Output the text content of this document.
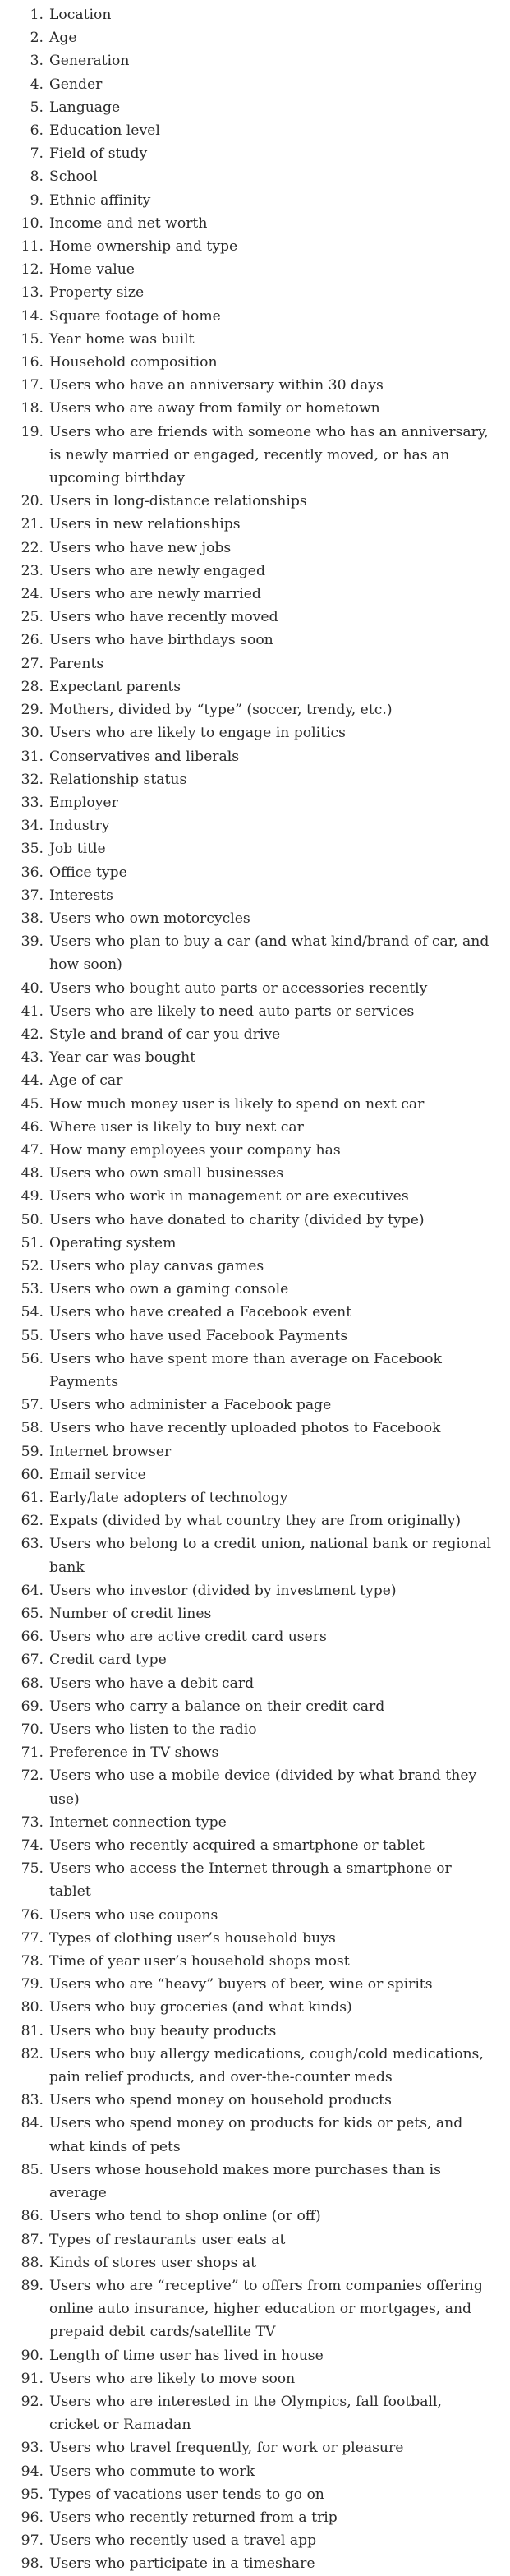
1. Location
2. Age
3. Generation
4. Gender
5. Language
6. Education level
7. Field of study
8. School
9. Ethnic affinity
10. Income and net worth
11. Home ownership and type
12. Home value
13. Property size
14. Square footage of home
15. Year home was built
16. Household composition
17. Users who have an anniversary within 30 days
18. Users who are away from family or hometown
19. Users who are friends with someone who has an anniversary, is newly married or engaged, recently moved, or has an upcoming birthday
20. Users in long-distance relationships
21. Users in new relationships
22. Users who have new jobs
23. Users who are newly engaged
24. Users who are newly married
25. Users who have recently moved
26. Users who have birthdays soon
27. Parents
28. Expectant parents
29. Mothers, divided by “type” (soccer, trendy, etc.)
30. Users who are likely to engage in politics
31. Conservatives and liberals
32. Relationship status
33. Employer
34. Industry
35. Job title
36. Office type
37. Interests
38. Users who own motorcycles
39. Users who plan to buy a car (and what kind/brand of car, and how soon)
40. Users who bought auto parts or accessories recently
41. Users who are likely to need auto parts or services
42. Style and brand of car you drive
43. Year car was bought
44. Age of car
45. How much money user is likely to spend on next car
46. Where user is likely to buy next car
47. How many employees your company has
48. Users who own small businesses
49. Users who work in management or are executives
50. Users who have donated to charity (divided by type)
51. Operating system
52. Users who play canvas games
53. Users who own a gaming console
54. Users who have created a Facebook event
55. Users who have used Facebook Payments
56. Users who have spent more than average on Facebook Payments
57. Users who administer a Facebook page
58. Users who have recently uploaded photos to Facebook
59. Internet browser
60. Email service
61. Early/late adopters of technology
62. Expats (divided by what country they are from originally)
63. Users who belong to a credit union, national bank or regional bank
64. Users who investor (divided by investment type)
65. Number of credit lines
66. Users who are active credit card users
67. Credit card type
68. Users who have a debit card
69. Users who carry a balance on their credit card
70. Users who listen to the radio
71. Preference in TV shows
72. Users who use a mobile device (divided by what brand they use)
73. Internet connection type
74. Users who recently acquired a smartphone or tablet
75. Users who access the Internet through a smartphone or tablet
76. Users who use coupons
77. Types of clothing user’s household buys
78. Time of year user’s household shops most
79. Users who are “heavy” buyers of beer, wine or spirits
80. Users who buy groceries (and what kinds)
81. Users who buy beauty products
82. Users who buy allergy medications, cough/cold medications, pain relief products, and over-the-counter meds
83. Users who spend money on household products
84. Users who spend money on products for kids or pets, and what kinds of pets
85. Users whose household makes more purchases than is average
86. Users who tend to shop online (or off)
87. Types of restaurants user eats at
88. Kinds of stores user shops at
89. Users who are “receptive” to offers from companies offering online auto insurance, higher education or mortgages, and prepaid debit cards/satellite TV
90. Length of time user has lived in house
91. Users who are likely to move soon
92. Users who are interested in the Olympics, fall football, cricket or Ramadan
93. Users who travel frequently, for work or pleasure
94. Users who commute to work
95. Types of vacations user tends to go on
96. Users who recently returned from a trip
97. Users who recently used a travel app
98. Users who participate in a timeshare
